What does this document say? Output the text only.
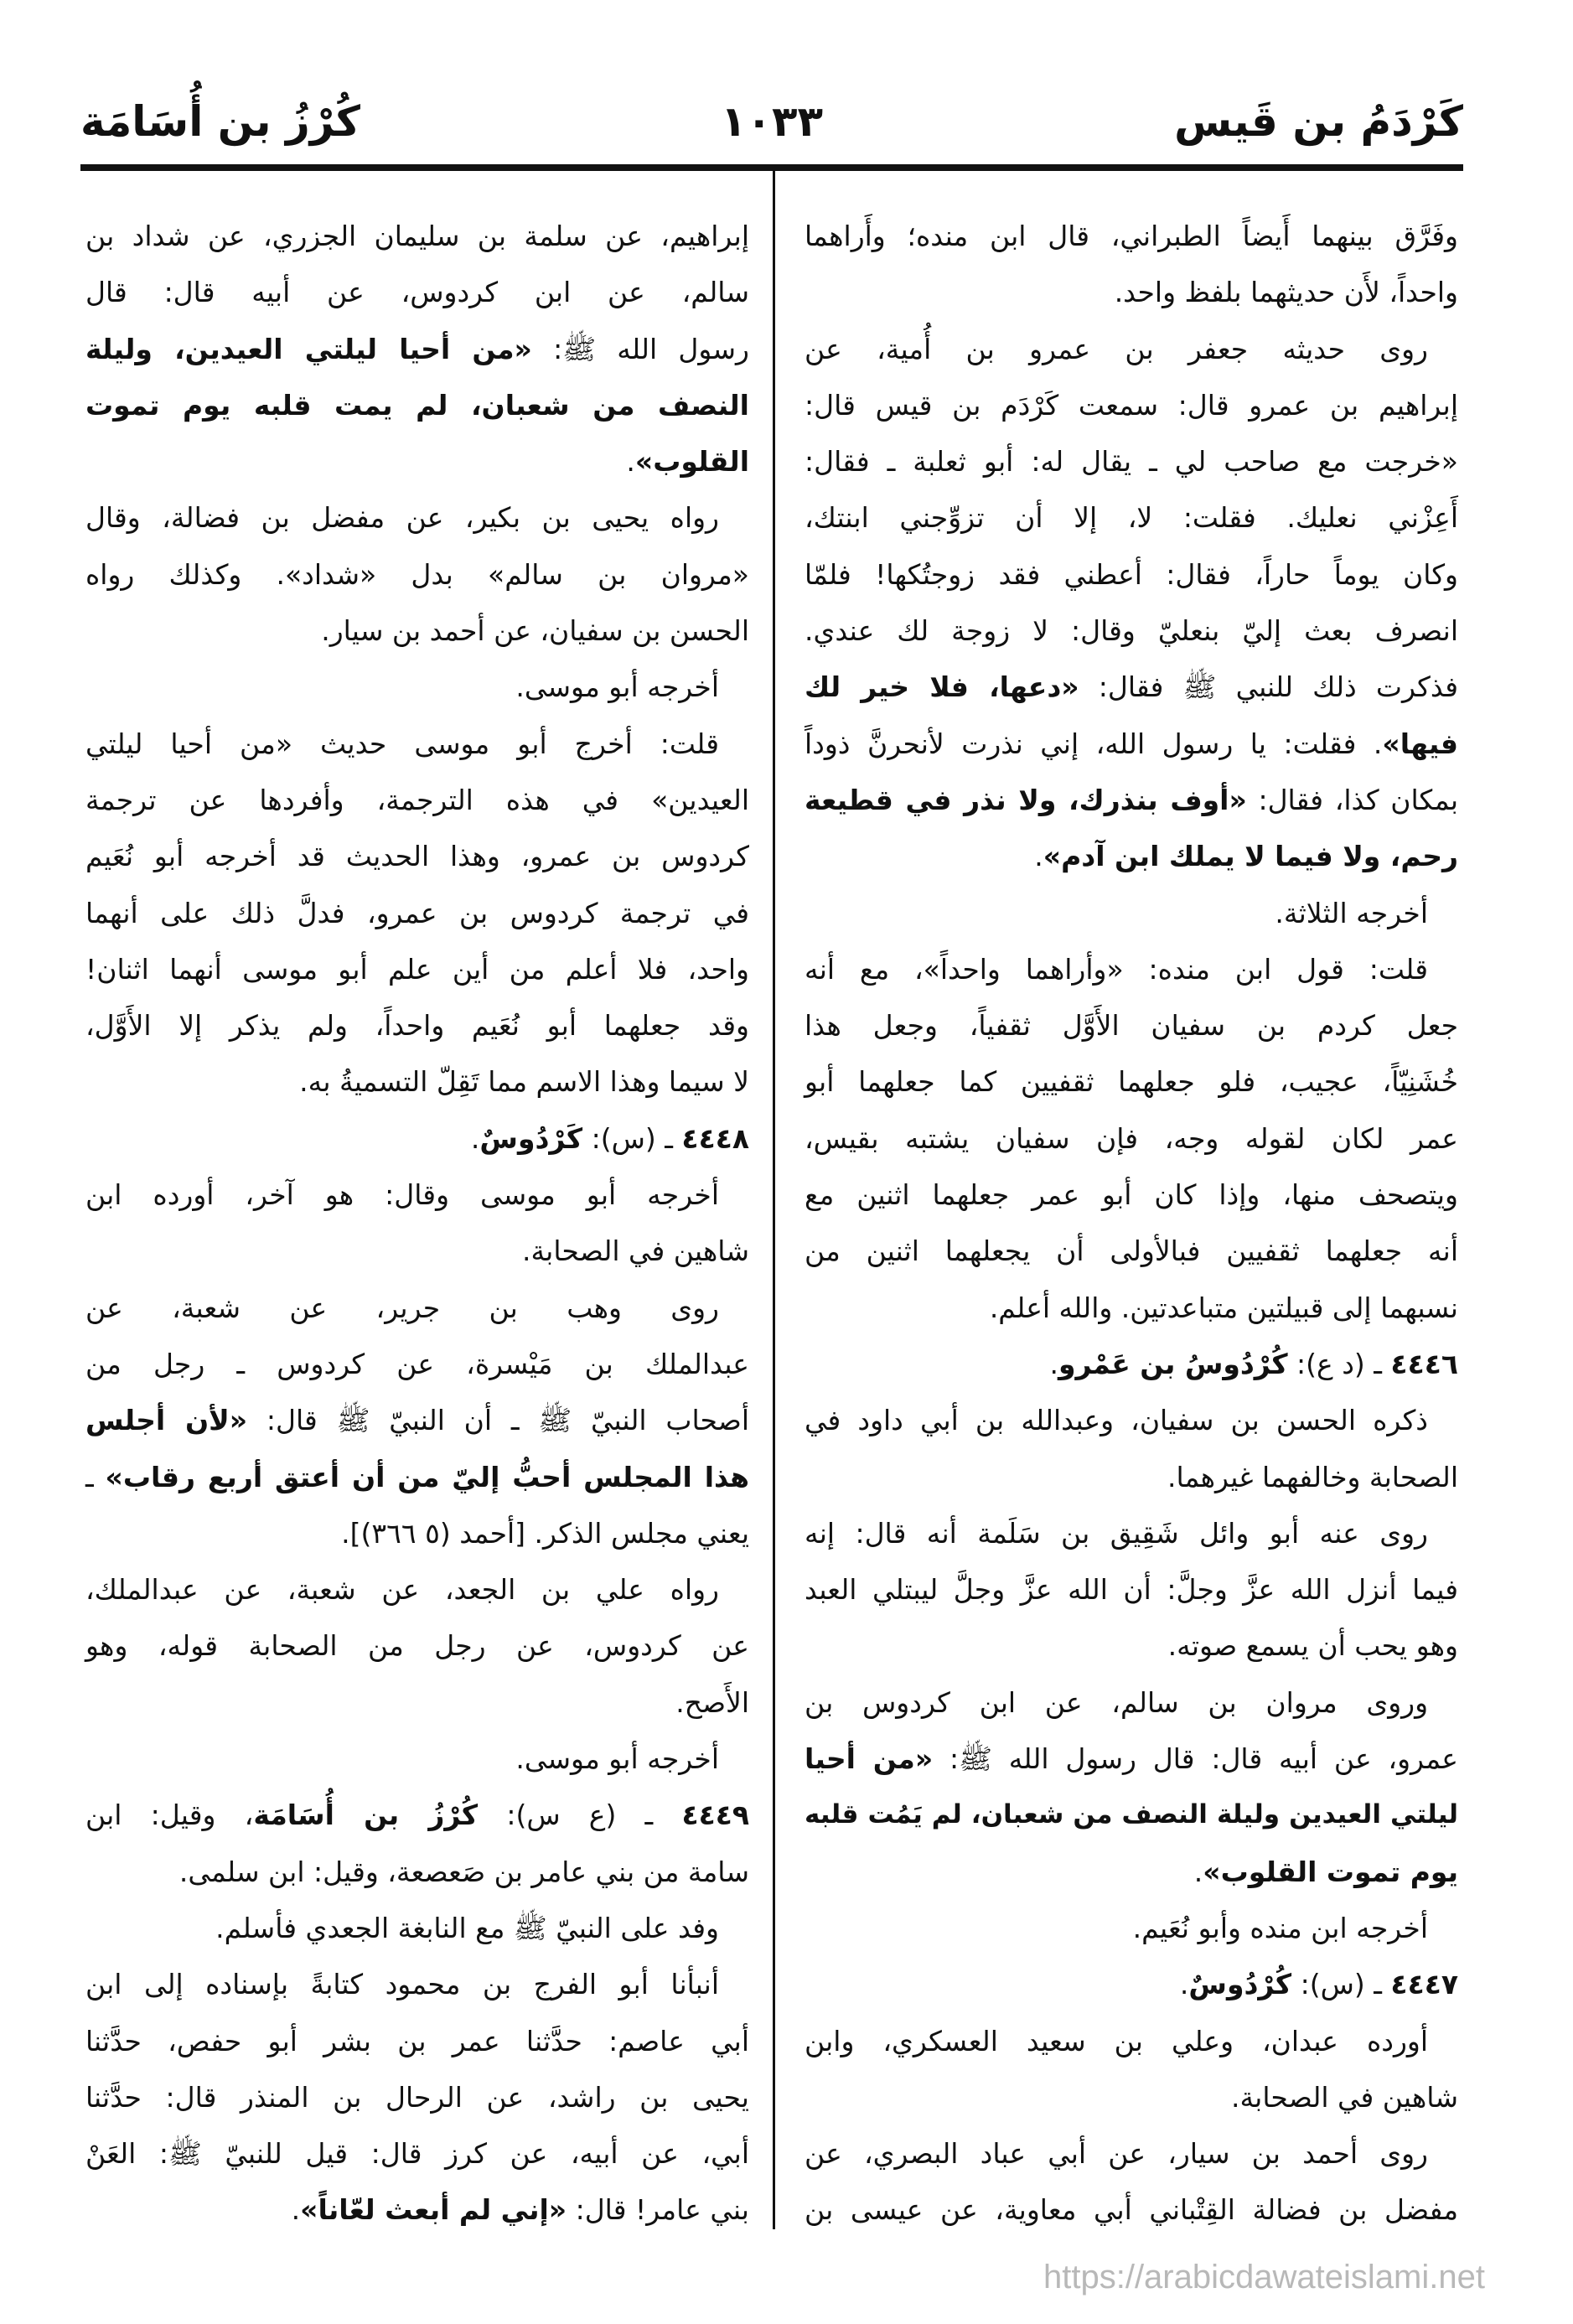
كَرْدَمُ بن قَيس
١٠٣٣
كُرْزُ بن أُسَامَة
وفَرَّق بينهما أَيضاً الطبراني، قال ابن منده؛ وأَراهما
واحداً، لأَن حديثهما بلفظ واحد.
روى حديثه جعفر بن عمرو بن أُمية، عن
إبراهيم بن عمرو قال: سمعت كَرْدَم بن قيس قال:
«خرجت مع صاحب لي ـ يقال له: أبو ثعلبة ـ فقال:
أَعِزْني نعليك. فقلت: لا، إلا أن تزوِّجني ابنتك،
وكان يوماً حاراً، فقال: أعطني فقد زوجتُكها! فلمّا
انصرف بعث إليّ بنعليّ وقال: لا زوجة لك عندي.
فذكرت ذلك للنبي ﷺ فقال: «دعها، فلا خير لك
فيها». فقلت: يا رسول الله، إني نذرت لأنحرنَّ ذوداً
بمكان كذا، فقال: «أوف بنذرك، ولا نذر في قطيعة
رحم، ولا فيما لا يملك ابن آدم».
أخرجه الثلاثة.
قلت: قول ابن منده: «وأراهما واحداً»، مع أنه
جعل كردم بن سفيان الأَوَّل ثقفياً، وجعل هذا
خُشَنِيّاً، عجيب، فلو جعلهما ثقفيين كما جعلهما أبو
عمر لكان لقوله وجه، فإن سفيان يشتبه بقيس،
ويتصحف منها، وإذا كان أبو عمر جعلهما اثنين مع
أنه جعلهما ثقفيين فبالأولى أن يجعلهما اثنين من
نسبهما إلى قبيلتين متباعدتين. والله أعلم.
٤٤٤٦ ـ (د ع): كُرْدُوسُ بن عَمْرو.
ذكره الحسن بن سفيان، وعبدالله بن أبي داود في
الصحابة وخالفهما غيرهما.
روى عنه أبو وائل شَقِيق بن سَلَمة أنه قال: إنه
فيما أنزل الله عزَّ وجلَّ: أن الله عزَّ وجلَّ ليبتلي العبد
وهو يحب أن يسمع صوته.
وروى مروان بن سالم، عن ابن كردوس بن
عمرو، عن أبيه قال: قال رسول الله ﷺ: «من أحيا
ليلتي العيدين وليلة النصف من شعبان، لم يَمُت قلبه
يوم تموت القلوب».
أخرجه ابن منده وأبو نُعَيم.
٤٤٤٧ ـ (س): كُرْدُوسٌ.
أورده عبدان، وعلي بن سعيد العسكري، وابن
شاهين في الصحابة.
روى أحمد بن سيار، عن أبي عباد البصري، عن
مفضل بن فضالة القِتْباني أبي معاوية، عن عيسى بن
إبراهيم، عن سلمة بن سليمان الجزري، عن شداد بن
سالم، عن ابن كردوس، عن أبيه قال: قال
رسول الله ﷺ: «من أحيا ليلتي العيدين، وليلة
النصف من شعبان، لم يمت قلبه يوم تموت
القلوب».
رواه يحيى بن بكير، عن مفضل بن فضالة، وقال
«مروان بن سالم» بدل «شداد». وكذلك رواه
الحسن بن سفيان، عن أحمد بن سيار.
أخرجه أبو موسى.
قلت: أخرج أبو موسى حديث «من أحيا ليلتي
العيدين» في هذه الترجمة، وأفردها عن ترجمة
كردوس بن عمرو، وهذا الحديث قد أخرجه أبو نُعَيم
في ترجمة كردوس بن عمرو، فدلَّ ذلك على أنهما
واحد، فلا أعلم من أين علم أبو موسى أنهما اثنان!
وقد جعلهما أبو نُعَيم واحداً، ولم يذكر إلا الأَوَّل،
لا سيما وهذا الاسم مما تَقِلّ التسميةُ به.
٤٤٤٨ ـ (س): كَرْدُوسٌ.
أخرجه أبو موسى وقال: هو آخر، أورده ابن
شاهين في الصحابة.
روى وهب بن جرير، عن شعبة، عن
عبدالملك بن مَيْسرة، عن كردوس ـ رجل من
أصحاب النبيّ ﷺ ـ أن النبيّ ﷺ قال: «لأن أجلس
هذا المجلس أحبُّ إليّ من أن أعتق أربع رقاب» ـ
يعني مجلس الذكر. [أحمد (٥ ٣٦٦)].
رواه علي بن الجعد، عن شعبة، عن عبدالملك،
عن كردوس، عن رجل من الصحابة قوله، وهو
الأَصح.
أخرجه أبو موسى.
٤٤٤٩ ـ (ع س): كُرْزُ بن أُسَامَة، وقيل: ابن
سامة من بني عامر بن صَعصعة، وقيل: ابن سلمى.
وفد على النبيّ ﷺ مع النابغة الجعدي فأسلم.
أنبأنا أبو الفرج بن محمود كتابةً بإسناده إلى ابن
أبي عاصم: حدَّثنا عمر بن بشر أبو حفص، حدَّثنا
يحيى بن راشد، عن الرحال بن المنذر قال: حدَّثنا
أبي، عن أبيه، عن كرز قال: قيل للنبيّ ﷺ: العَنْ
بني عامر! قال: «إني لم أبعث لعّاناً».
https://arabicdawateislami.net
